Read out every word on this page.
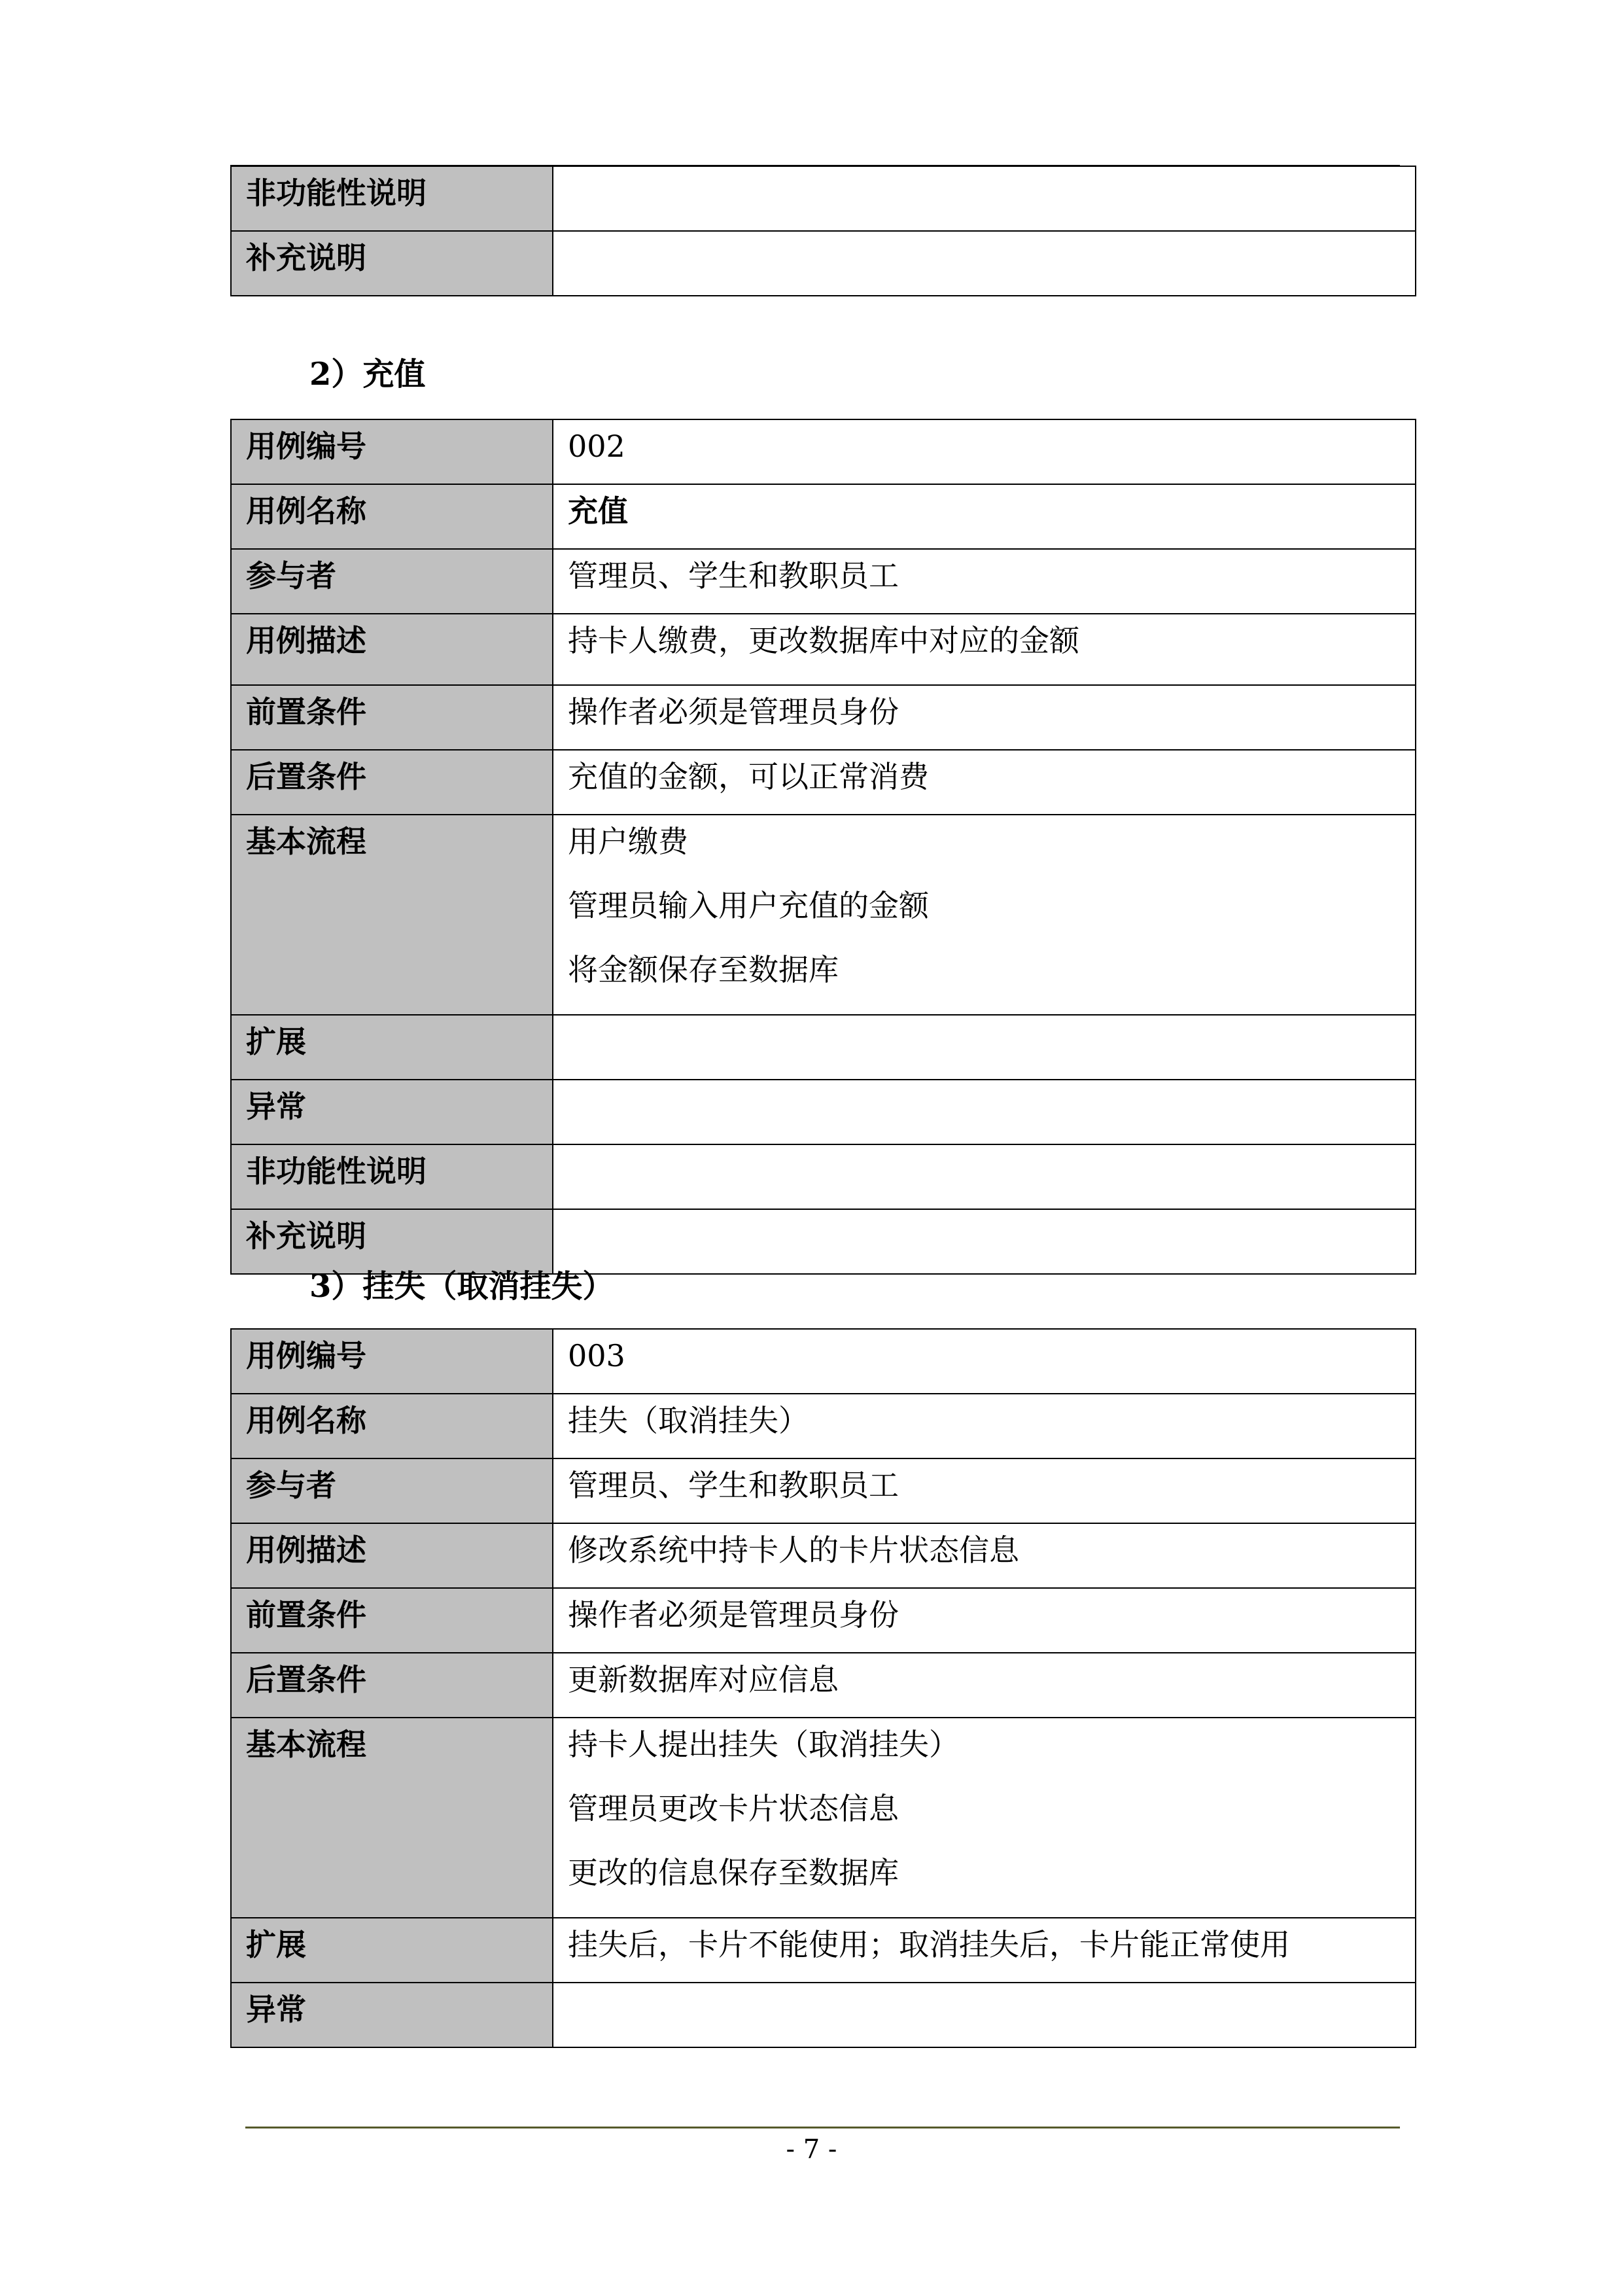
非功能性说明	
补充说明	
2）充值
用例编号	002
用例名称	充值
参与者	管理员、学生和教职员工
用例描述	持卡人缴费，更改数据库中对应的金额
前置条件	操作者必须是管理员身份
后置条件	充值的金额，可以正常消费
基本流程	用户缴费
管理员输入用户充值的金额
将金额保存至数据库

扩展	
异常	
非功能性说明	
补充说明	
3）挂失（取消挂失）
用例编号	003
用例名称	挂失（取消挂失）
参与者	管理员、学生和教职员工
用例描述	修改系统中持卡人的卡片状态信息
前置条件	操作者必须是管理员身份
后置条件	更新数据库对应信息
基本流程	持卡人提出挂失（取消挂失）
管理员更改卡片状态信息
更改的信息保存至数据库

扩展	挂失后，卡片不能使用；取消挂失后，卡片能正常使用
异常	
- 7 -
